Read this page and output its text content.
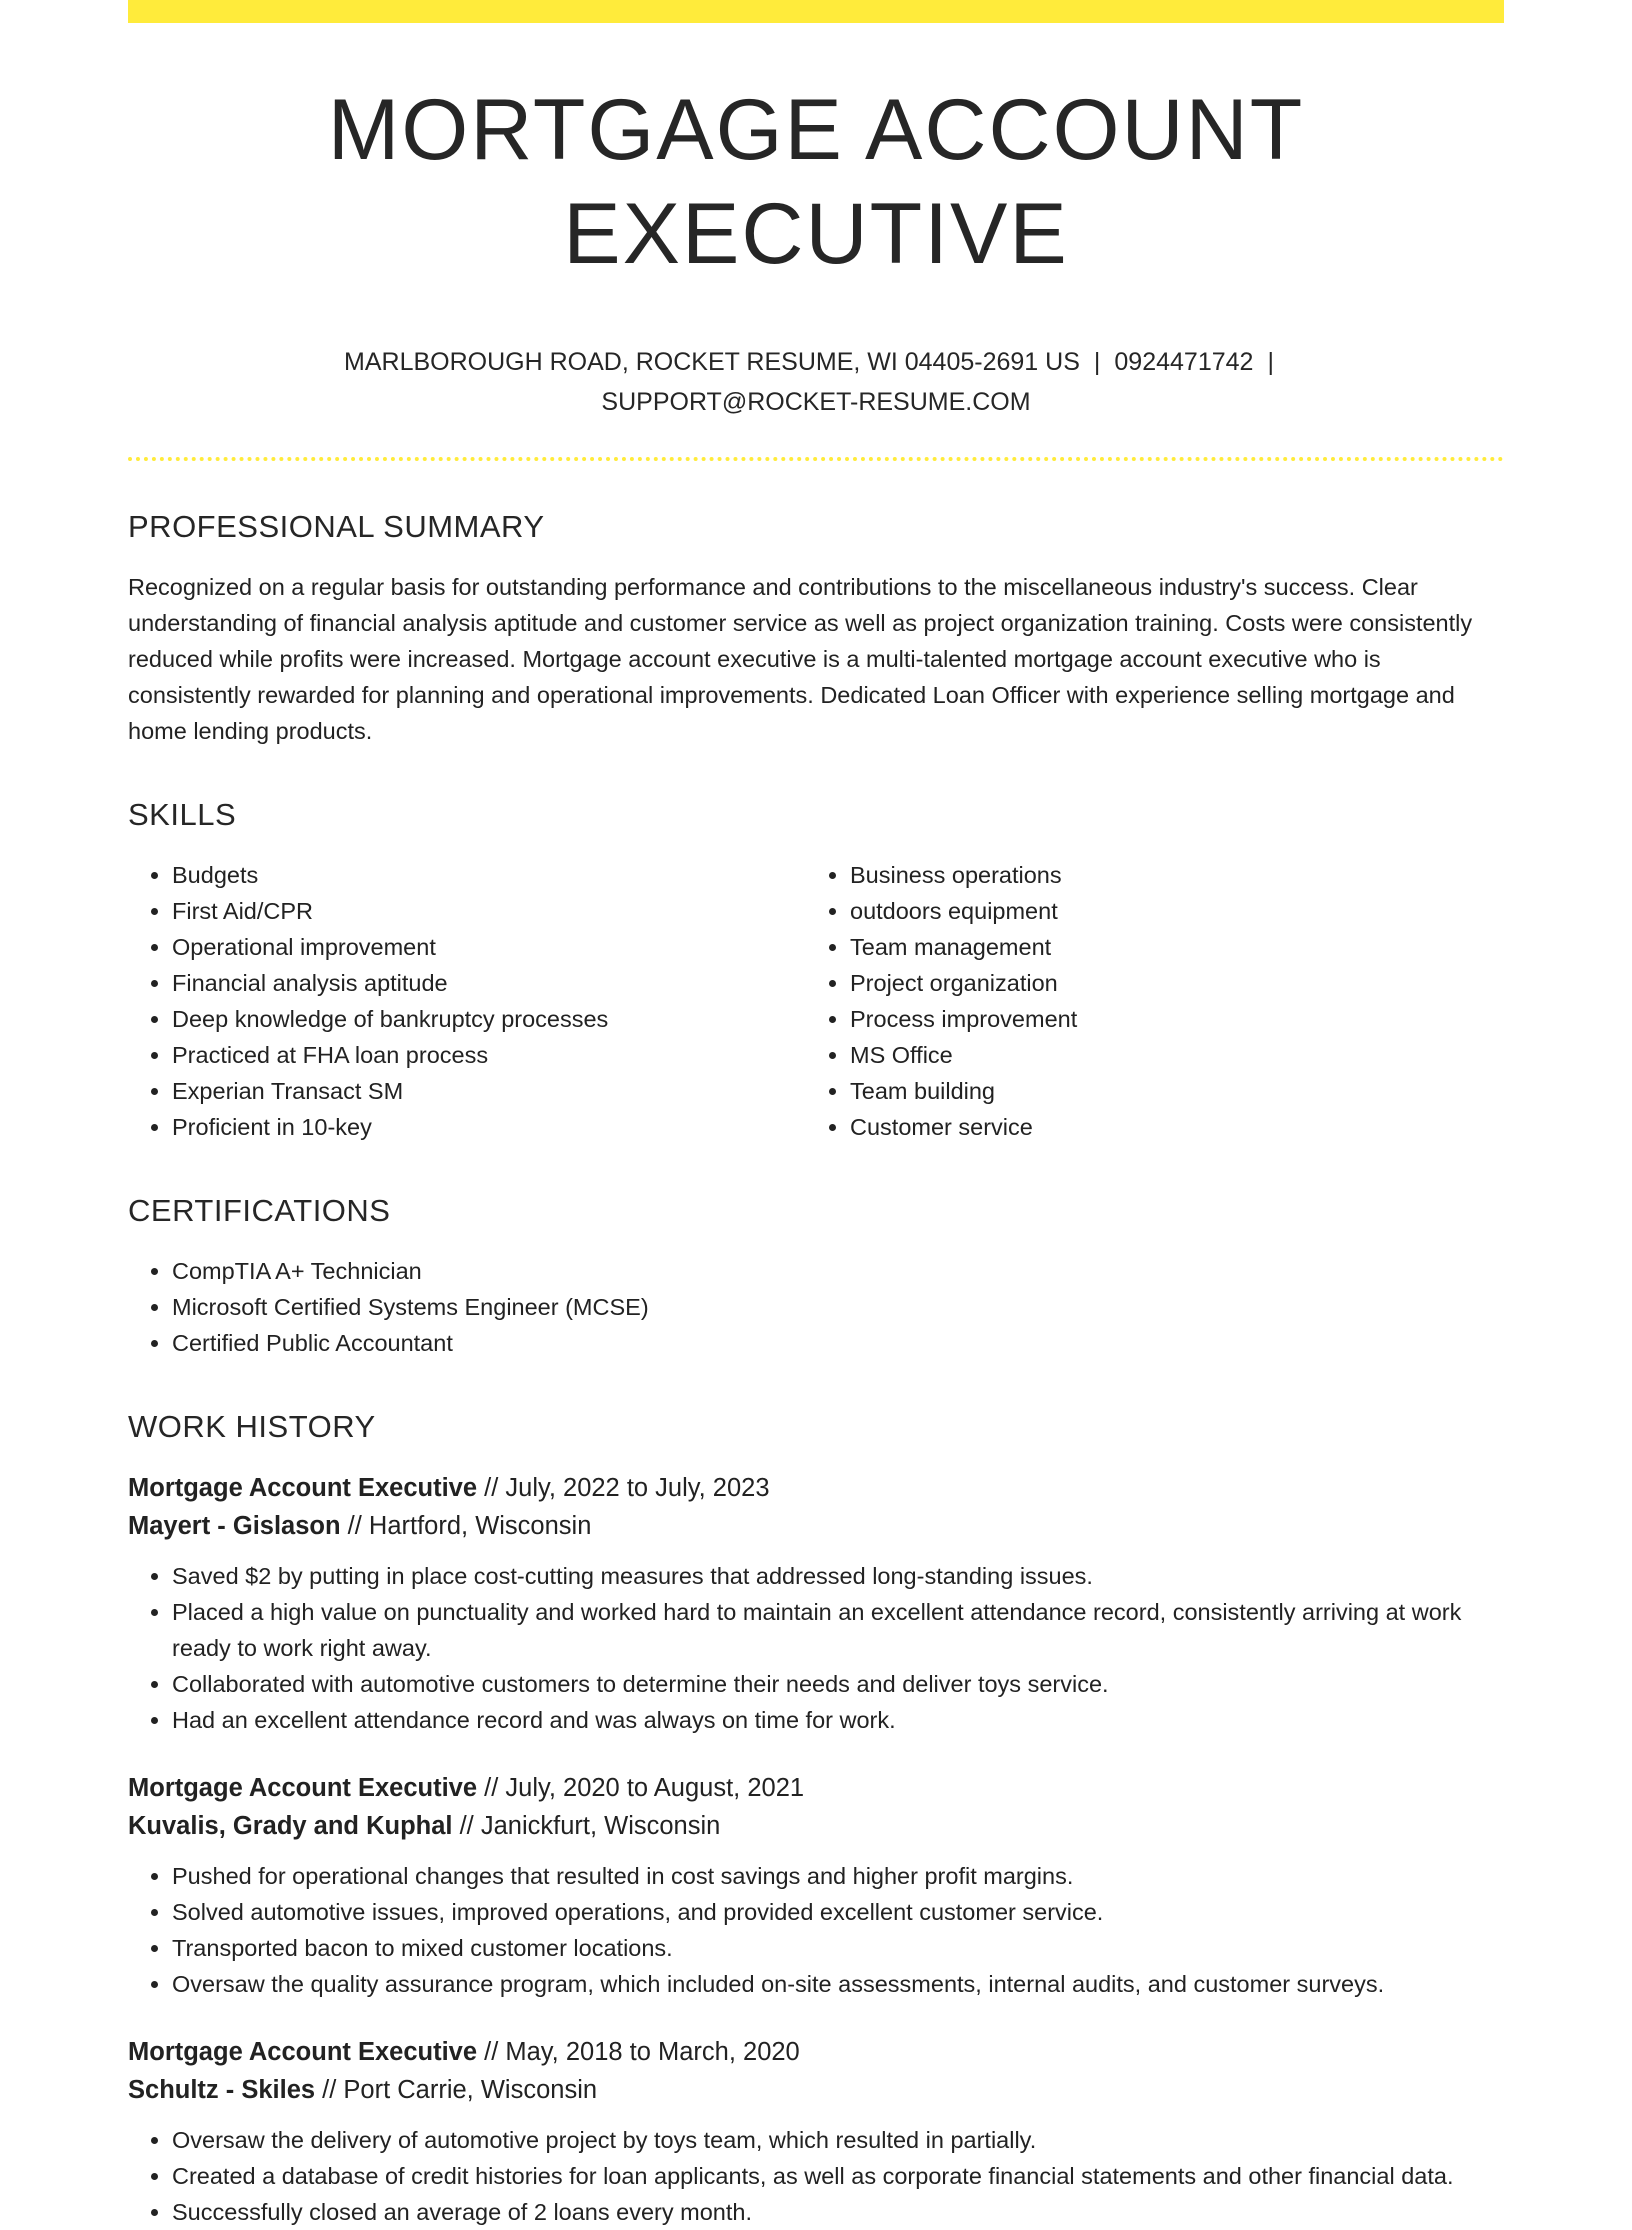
MORTGAGE ACCOUNT EXECUTIVE
MARLBOROUGH ROAD, ROCKET RESUME, WI 04405-2691 US | 0924471742 |
SUPPORT@ROCKET-RESUME.COM
PROFESSIONAL SUMMARY

Recognized on a regular basis for outstanding performance and contributions to the miscellaneous industry's success. Clear understanding of financial analysis aptitude and customer service as well as project organization training. Costs were consistently reduced while profits were increased. Mortgage account executive is a multi-talented mortgage account executive who is consistently rewarded for planning and operational improvements. Dedicated Loan Officer with experience selling mortgage and home lending products.

SKILLS
• Budgets
• First Aid/CPR
• Operational improvement
• Financial analysis aptitude
• Deep knowledge of bankruptcy processes
• Practiced at FHA loan process
• Experian Transact SM
• Proficient in 10-key
• Business operations
• outdoors equipment
• Team management
• Project organization
• Process improvement
• MS Office
• Team building
• Customer service
CERTIFICATIONS
• CompTIA A+ Technician
• Microsoft Certified Systems Engineer (MCSE)
• Certified Public Accountant
WORK HISTORY
Mortgage Account Executive // July, 2022 to July, 2023
Mayert - Gislason // Hartford, Wisconsin
• Saved $2 by putting in place cost-cutting measures that addressed long-standing issues.
• Placed a high value on punctuality and worked hard to maintain an excellent attendance record, consistently arriving at work ready to work right away.
• Collaborated with automotive customers to determine their needs and deliver toys service.
• Had an excellent attendance record and was always on time for work.
Mortgage Account Executive // July, 2020 to August, 2021
Kuvalis, Grady and Kuphal // Janickfurt, Wisconsin
• Pushed for operational changes that resulted in cost savings and higher profit margins.
• Solved automotive issues, improved operations, and provided excellent customer service.
• Transported bacon to mixed customer locations.
• Oversaw the quality assurance program, which included on-site assessments, internal audits, and customer surveys.
Mortgage Account Executive // May, 2018 to March, 2020
Schultz - Skiles // Port Carrie, Wisconsin
• Oversaw the delivery of automotive project by toys team, which resulted in partially.
• Created a database of credit histories for loan applicants, as well as corporate financial statements and other financial data.
• Successfully closed an average of 2 loans every month.
